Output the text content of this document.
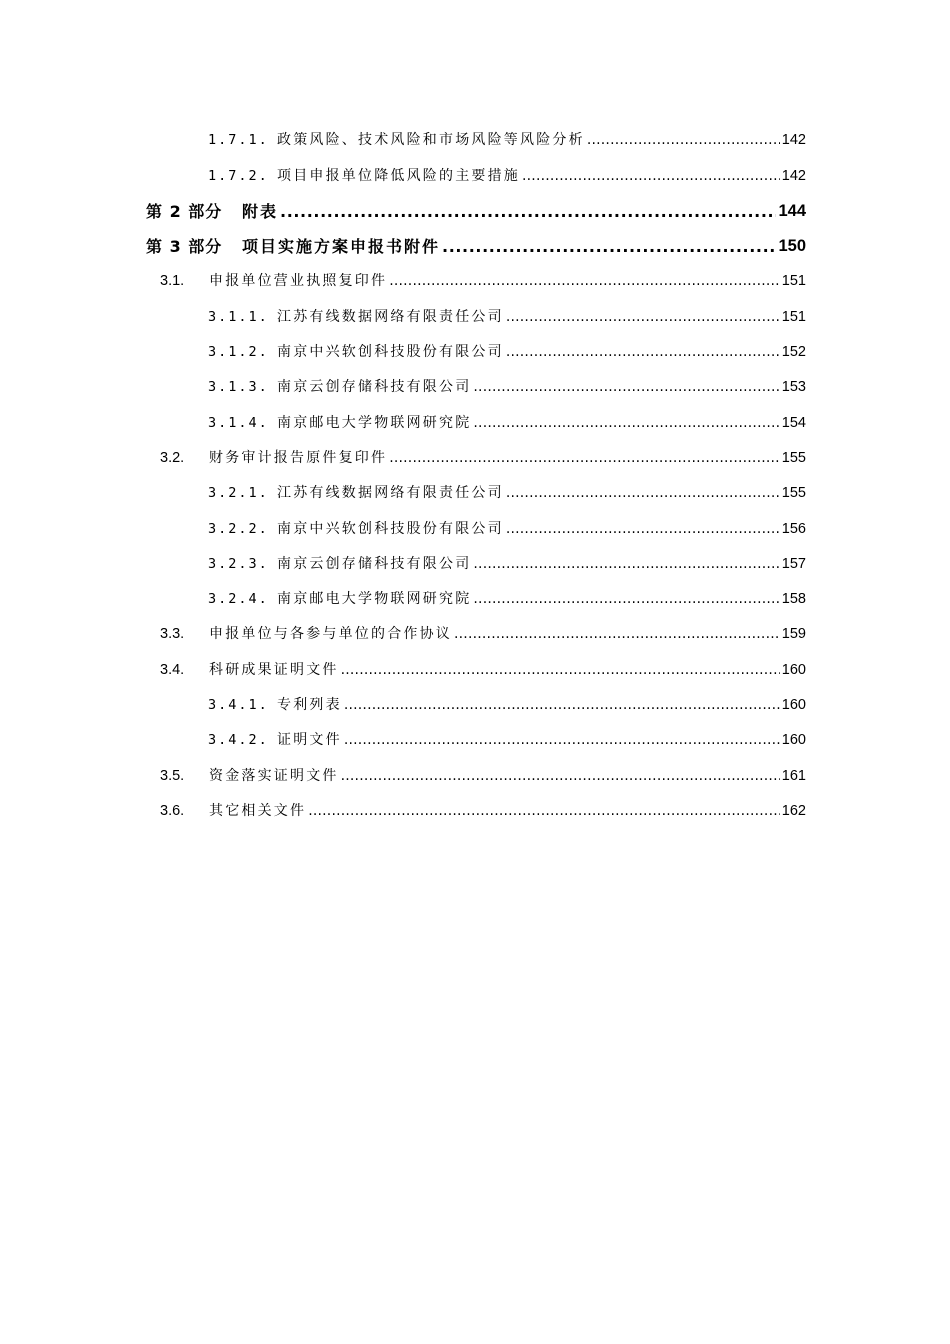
1.7.1. 政策风险、技术风险和市场风险等风险分析 .....	142
1.7.2. 项目申报单位降低风险的主要措施 .....	142
第 2 部分	附表 .....	144
第 3 部分	项目实施方案申报书附件 .....	150
3.1.	申报单位营业执照复印件 .....	151
3.1.1. 江苏有线数据网络有限责任公司 .....	151
3.1.2. 南京中兴软创科技股份有限公司 .....	152
3.1.3. 南京云创存储科技有限公司 .....	153
3.1.4. 南京邮电大学物联网研究院 .....	154
3.2.	财务审计报告原件复印件 .....	155
3.2.1. 江苏有线数据网络有限责任公司 .....	155
3.2.2. 南京中兴软创科技股份有限公司 .....	156
3.2.3. 南京云创存储科技有限公司 .....	157
3.2.4. 南京邮电大学物联网研究院 .....	158
3.3.	申报单位与各参与单位的合作协议 .....	159
3.4.	科研成果证明文件 .....	160
3.4.1. 专利列表 .....	160
3.4.2. 证明文件 .....	160
3.5.	资金落实证明文件 .....	161
3.6.	其它相关文件 .....	162
